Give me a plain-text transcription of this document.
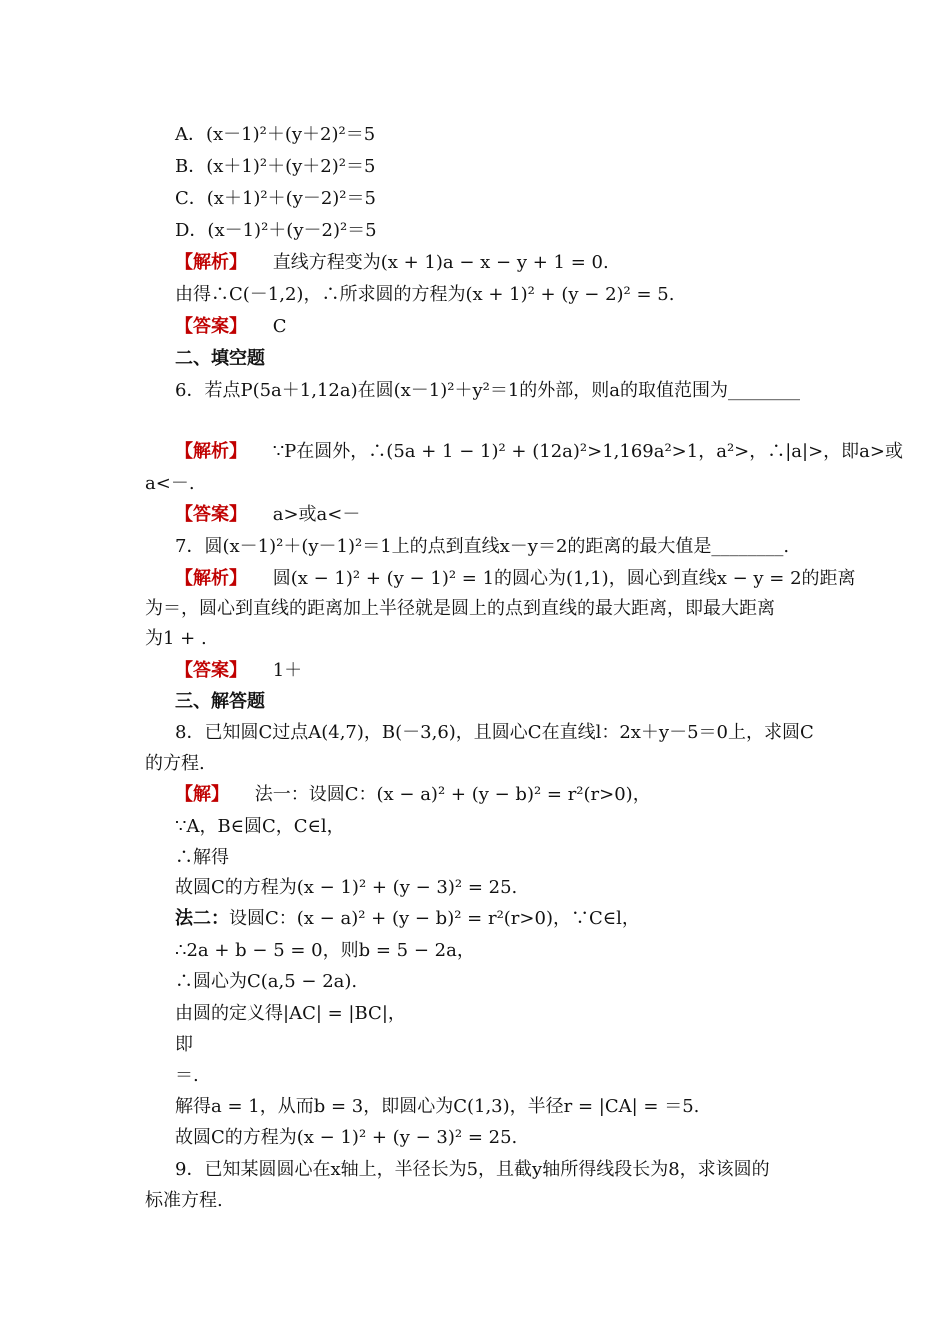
A．(x－1)²＋(y＋2)²＝5
B．(x＋1)²＋(y＋2)²＝5
C．(x＋1)²＋(y－2)²＝5
D．(x－1)²＋(y－2)²＝5
【解析】 直线方程变为(x + 1)a − x − y + 1 = 0.
由得∴C(－1,2)，∴所求圆的方程为(x + 1)² + (y − 2)² = 5.
【答案】 C
二、填空题
6．若点P(5a＋1,12a)在圆(x－1)²＋y²＝1的外部，则a的取值范围为________
【解析】 ∵P在圆外，∴(5a + 1 − 1)² + (12a)²>1,169a²>1，a²>，∴|a|>，即a>或
a<－.
【答案】 a>或a<－
7．圆(x－1)²＋(y－1)²＝1上的点到直线x－y＝2的距离的最大值是________.
【解析】 圆(x − 1)² + (y − 1)² = 1的圆心为(1,1)，圆心到直线x − y = 2的距离
为＝，圆心到直线的距离加上半径就是圆上的点到直线的最大距离，即最大距离
为1 + .
【答案】 1＋
三、解答题
8．已知圆C过点A(4,7)，B(－3,6)，且圆心C在直线l：2x＋y－5＝0上，求圆C
的方程.
【解】 法一：设圆C：(x − a)² + (y − b)² = r²(r>0)，
∵A，B∈圆C，C∈l，
∴解得
故圆C的方程为(x − 1)² + (y − 3)² = 25.
法二：设圆C：(x − a)² + (y − b)² = r²(r>0)，∵C∈l，
∴2a + b − 5 = 0，则b = 5 − 2a，
∴圆心为C(a,5 − 2a).
由圆的定义得|AC| = |BC|，
即
＝.
解得a = 1，从而b = 3，即圆心为C(1,3)，半径r = |CA| = ＝5.
故圆C的方程为(x − 1)² + (y − 3)² = 25.
9．已知某圆圆心在x轴上，半径长为5，且截y轴所得线段长为8，求该圆的
标准方程.
